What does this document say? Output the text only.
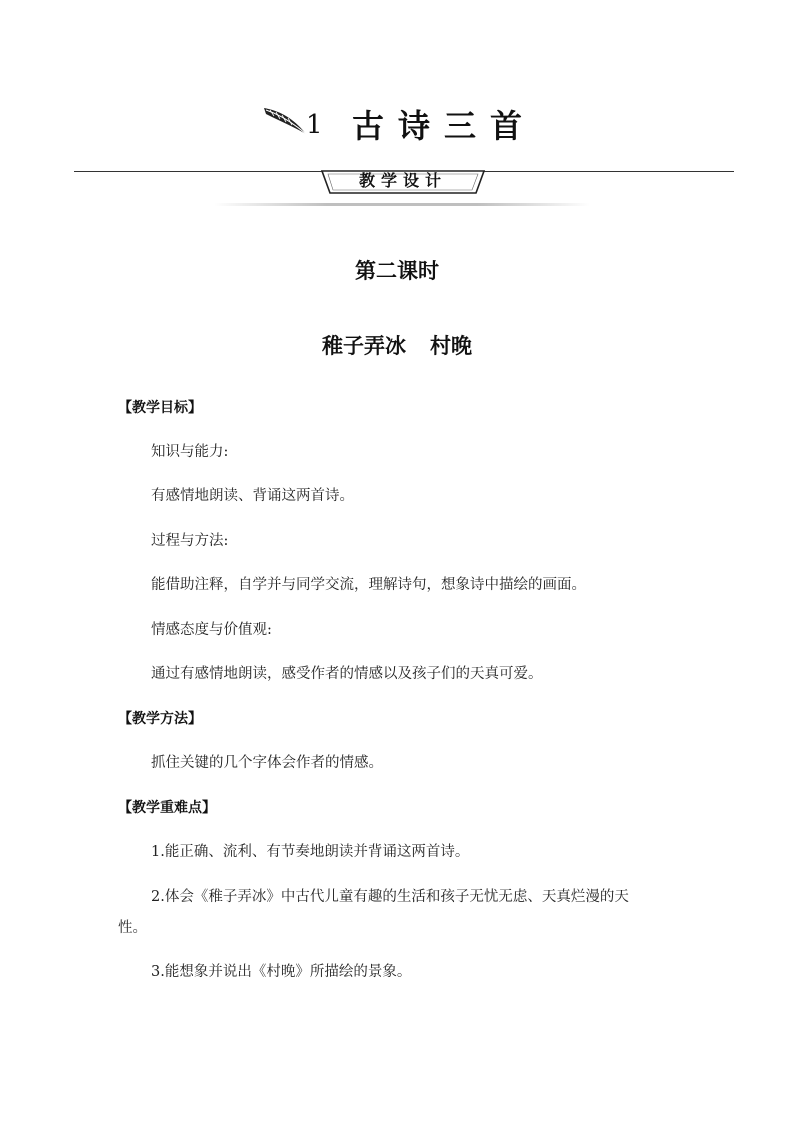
1 古诗三首
教学设计
第二课时
稚子弄冰 村晚
【教学目标】
知识与能力:
有感情地朗读、背诵这两首诗。
过程与方法:
能借助注释，自学并与同学交流，理解诗句，想象诗中描绘的画面。
情感态度与价值观:
通过有感情地朗读，感受作者的情感以及孩子们的天真可爱。
【教学方法】
抓住关键的几个字体会作者的情感。
【教学重难点】
1.能正确、流利、有节奏地朗读并背诵这两首诗。
2.体会《稚子弄冰》中古代儿童有趣的生活和孩子无忧无虑、天真烂漫的天
性。
3.能想象并说出《村晚》所描绘的景象。
